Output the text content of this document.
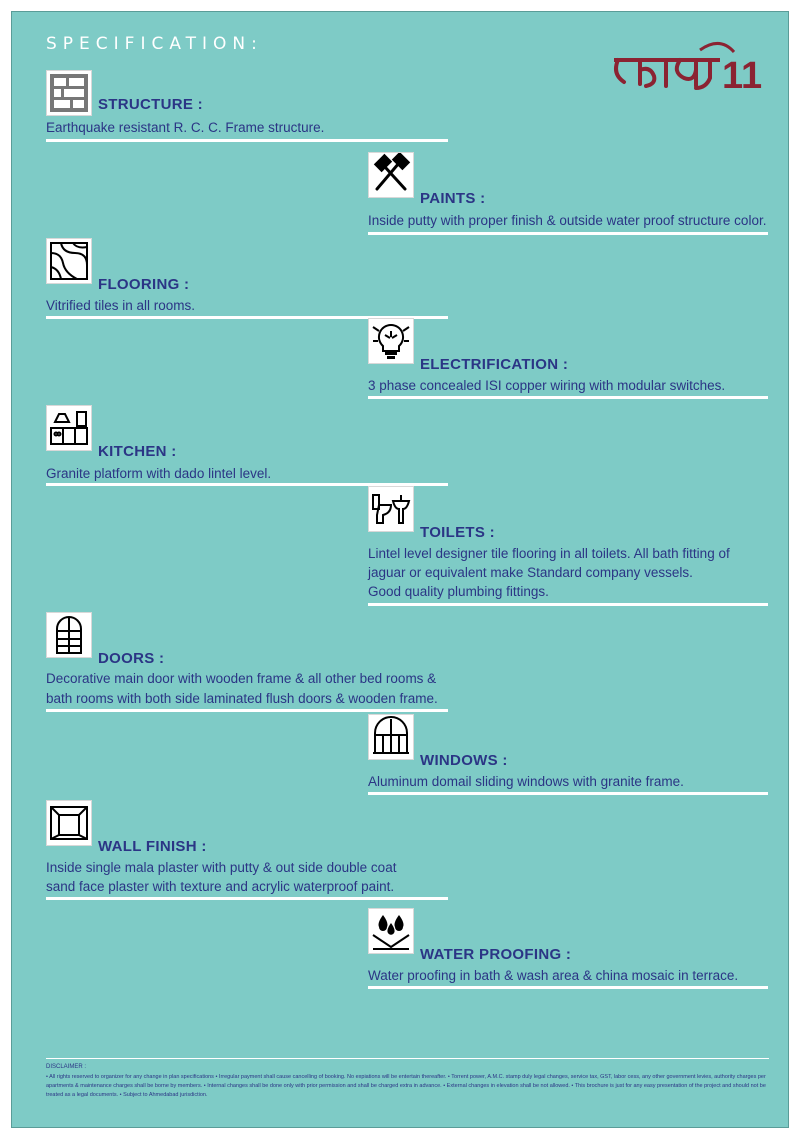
SPECIFICATION:
11
STRUCTURE :
Earthquake resistant R. C. C. Frame structure.
PAINTS :
Inside putty with proper finish & outside water proof structure color.
FLOORING :
Vitrified tiles in all rooms.
ELECTRIFICATION :
3 phase concealed ISI copper wiring with modular switches.
KITCHEN :
Granite platform with dado lintel level.
TOILETS :
Lintel level designer tile flooring in all toilets. All bath fitting of
jaguar or equivalent make Standard company vessels.
Good quality plumbing fittings.
DOORS :
Decorative main door with wooden frame & all other bed rooms &
bath rooms with both side laminated flush doors & wooden frame.
WINDOWS :
Aluminum domail sliding windows with granite frame.
WALL FINISH :
Inside single mala plaster with putty & out side double coat
sand face plaster with texture and acrylic waterproof paint.
WATER PROOFING :
Water proofing in bath & wash area & china mosaic in terrace.
DISCLAIMER :
• All rights reserved to organizer for any change in plan specifications • Irregular payment shall cause cancelling of booking. No expiations will be entertain thereafter. • Torrent power, A.M.C. stamp duly legal changes, service tax, GST, labor cess, any other government levies, authority charges per apartments & maintenance charges shall be borne by members. • Internal changes shall be done only with prior permission and shall be charged extra in advance. • External changes in elevation shall be not allowed. • This brochure is just for any easy presentation of the project and should not be treated as a legal documents. • Subject to Ahmedabad jurisdiction.
